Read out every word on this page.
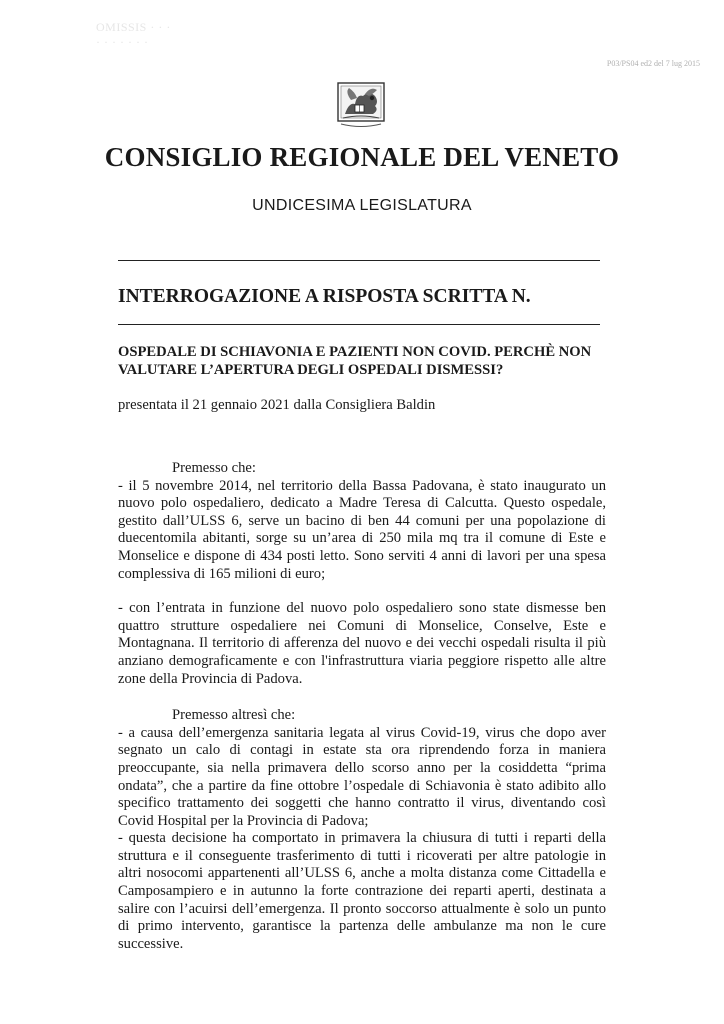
OMISSIS · · ·
· · · · · · ·
P03/PS04 ed2 del 7 lug 2015
CONSIGLIO REGIONALE DEL VENETO
UNDICESIMA LEGISLATURA
INTERROGAZIONE A RISPOSTA SCRITTA N.
OSPEDALE DI SCHIAVONIA E PAZIENTI NON COVID. PERCHÈ NON
VALUTARE L’APERTURA DEGLI OSPEDALI DISMESSI?
presentata il 21 gennaio 2021 dalla Consigliera Baldin

Premesso che:

- il 5 novembre 2014, nel territorio della Bassa Padovana, è stato inaugurato un nuovo polo ospedaliero, dedicato a Madre Teresa di Calcutta. Questo ospedale, gestito dall’ULSS 6, serve un bacino di ben 44 comuni per una popolazione di duecentomila abitanti, sorge su un’area di 250 mila mq tra il comune di Este e Monselice e dispone di 434 posti letto. Sono serviti 4 anni di lavori per una spesa complessiva di 165 milioni di euro;

- con l’entrata in funzione del nuovo polo ospedaliero sono state dismesse ben quattro strutture ospedaliere nei Comuni di Monselice, Conselve, Este e Montagnana. Il territorio di afferenza del nuovo e dei vecchi ospedali risulta il più anziano demograficamente e con l'infrastruttura viaria peggiore rispetto alle altre zone della Provincia di Padova.

Premesso altresì che:

- a causa dell’emergenza sanitaria legata al virus Covid-19, virus che dopo aver segnato un calo di contagi in estate sta ora riprendendo forza in maniera preoccupante, sia nella primavera dello scorso anno per la cosiddetta “prima ondata”, che a partire da fine ottobre l’ospedale di Schiavonia è stato adibito allo specifico trattamento dei soggetti che hanno contratto il virus, diventando così Covid Hospital per la Provincia di Padova;

- questa decisione ha comportato in primavera la chiusura di tutti i reparti della struttura e il conseguente trasferimento di tutti i ricoverati per altre patologie in altri nosocomi appartenenti all’ULSS 6, anche a molta distanza come Cittadella e Camposampiero e in autunno la forte contrazione dei reparti aperti, destinata a salire con l’acuirsi dell’emergenza. Il pronto soccorso attualmente è solo un punto di primo intervento, garantisce la partenza delle ambulanze ma non le cure successive.
